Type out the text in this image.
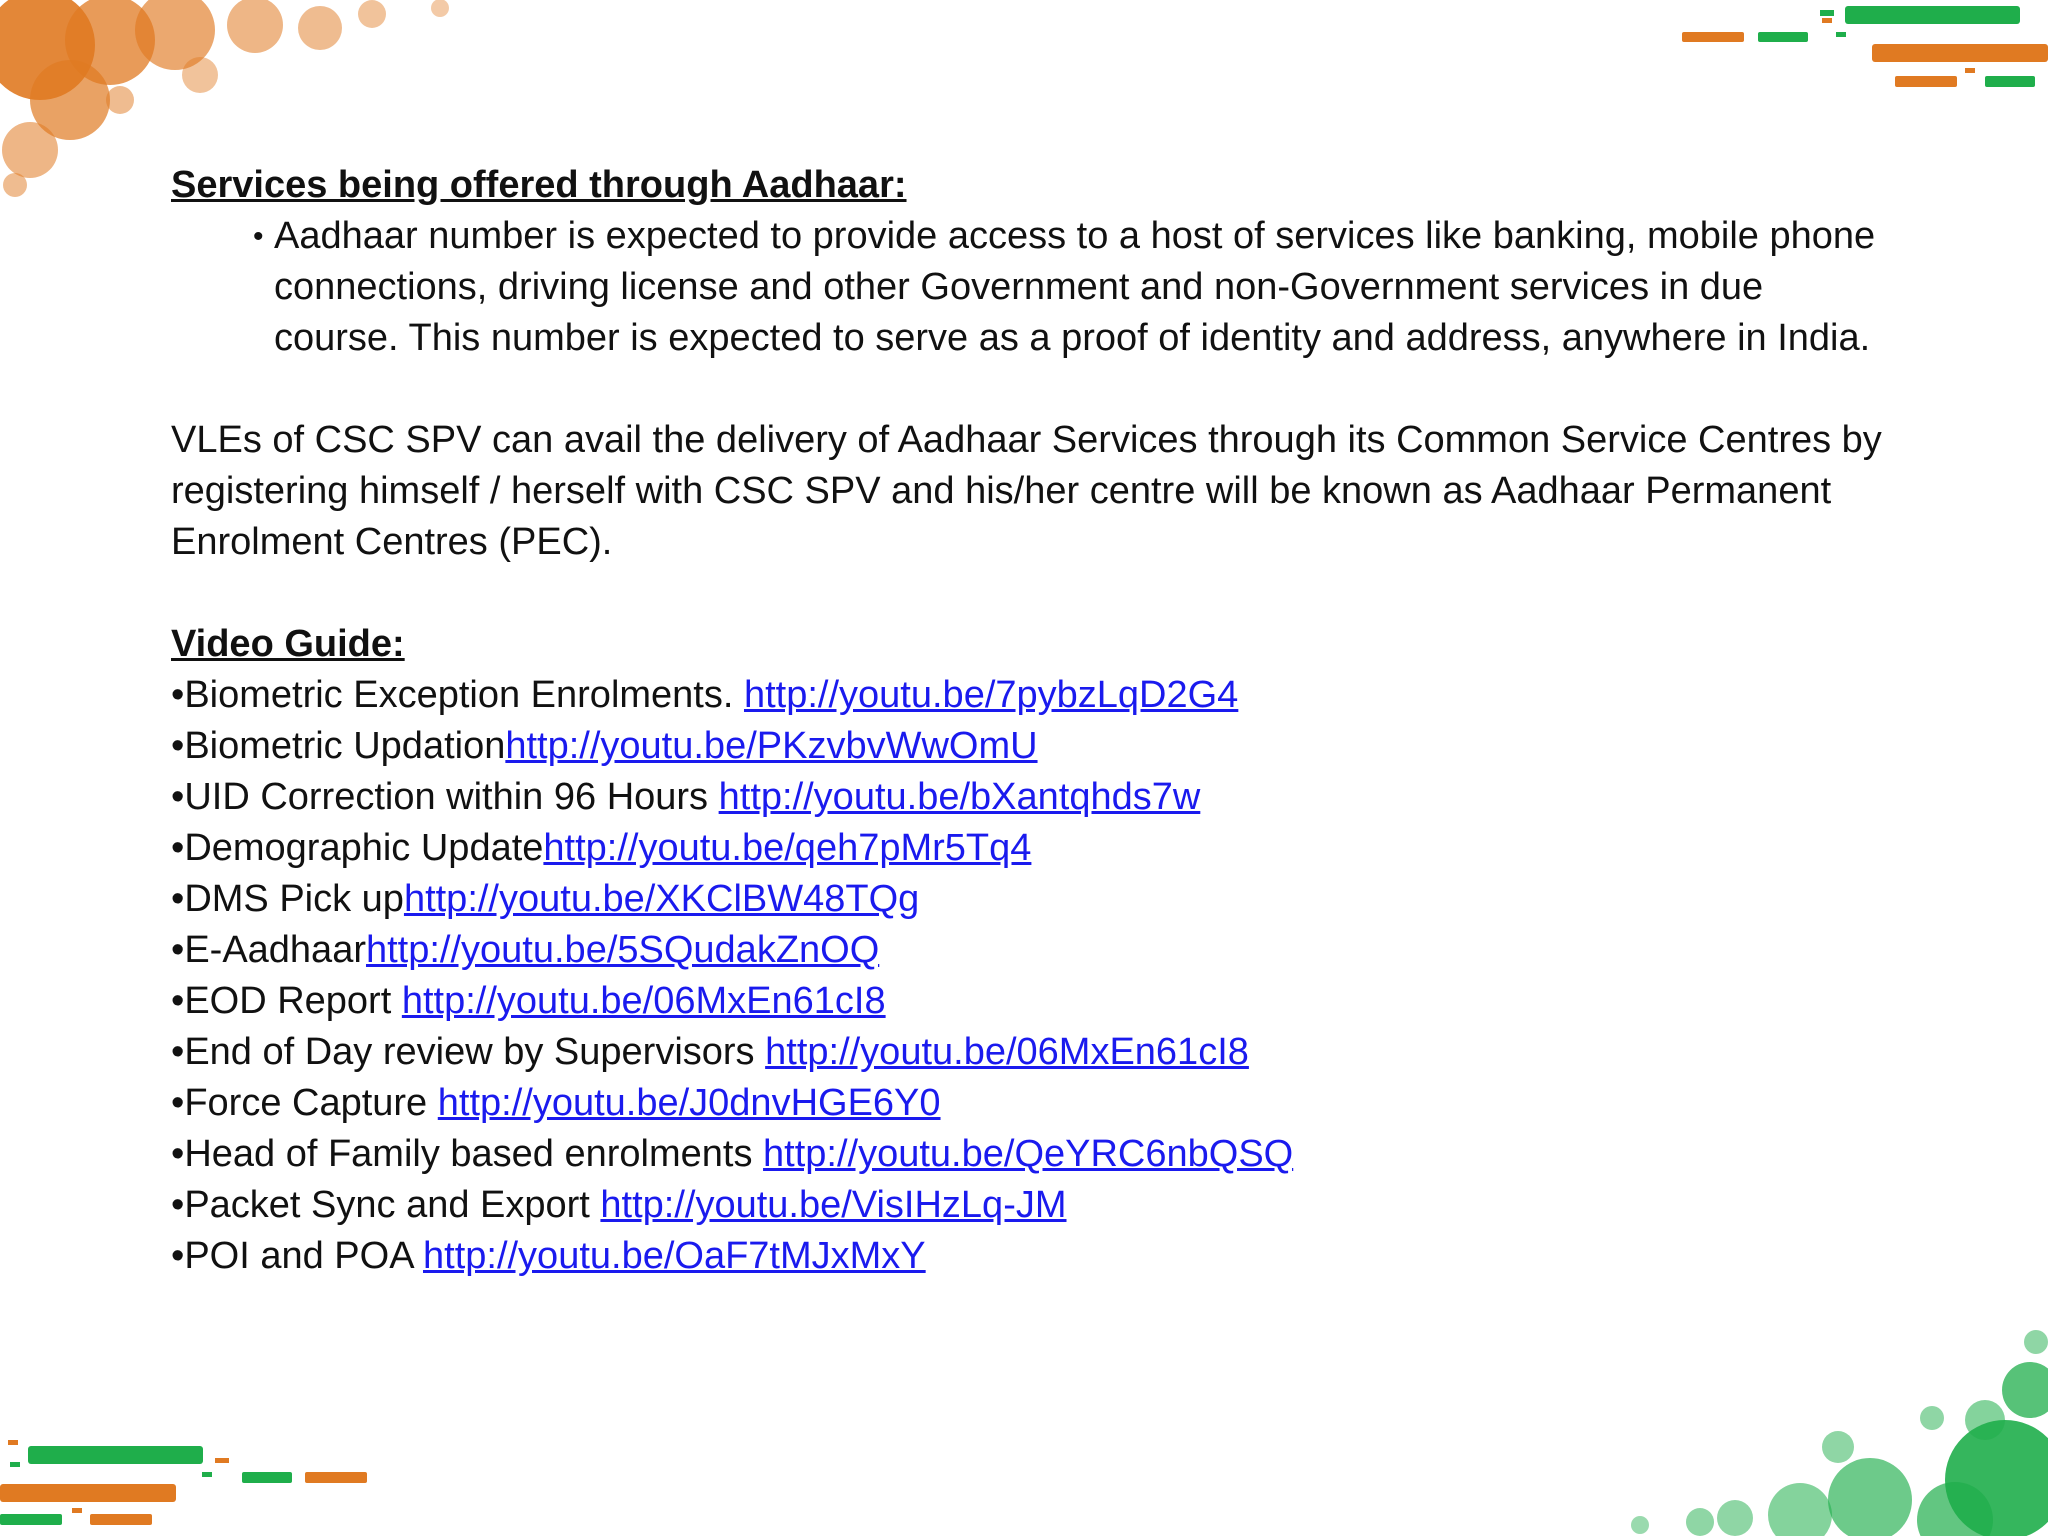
Services being offered through Aadhaar:

• Aadhaar number is expected to provide access to a host of services like banking, mobile phone connections, driving license and other Government and non-Government services in due course. This number is expected to serve as a proof of identity and address, anywhere in India.

VLEs of CSC SPV can avail the delivery of Aadhaar Services through its Common Service Centres by registering himself / herself with CSC SPV and his/her centre will be known as Aadhaar Permanent Enrolment Centres (PEC).

Video Guide:

•Biometric Exception Enrolments. http://youtu.be/7pybzLqD2G4
•Biometric Updationhttp://youtu.be/PKzvbvWwOmU
•UID Correction within 96 Hours http://youtu.be/bXantqhds7w
•Demographic Updatehttp://youtu.be/qeh7pMr5Tq4
•DMS Pick uphttp://youtu.be/XKClBW48TQg
•E-Aadhaarhttp://youtu.be/5SQudakZnOQ
•EOD Report http://youtu.be/06MxEn61cI8
•End of Day review by Supervisors http://youtu.be/06MxEn61cI8
•Force Capture http://youtu.be/J0dnvHGE6Y0
•Head of Family based enrolments http://youtu.be/QeYRC6nbQSQ
•Packet Sync and Export http://youtu.be/VisIHzLq-JM
•POI and POA http://youtu.be/OaF7tMJxMxY
